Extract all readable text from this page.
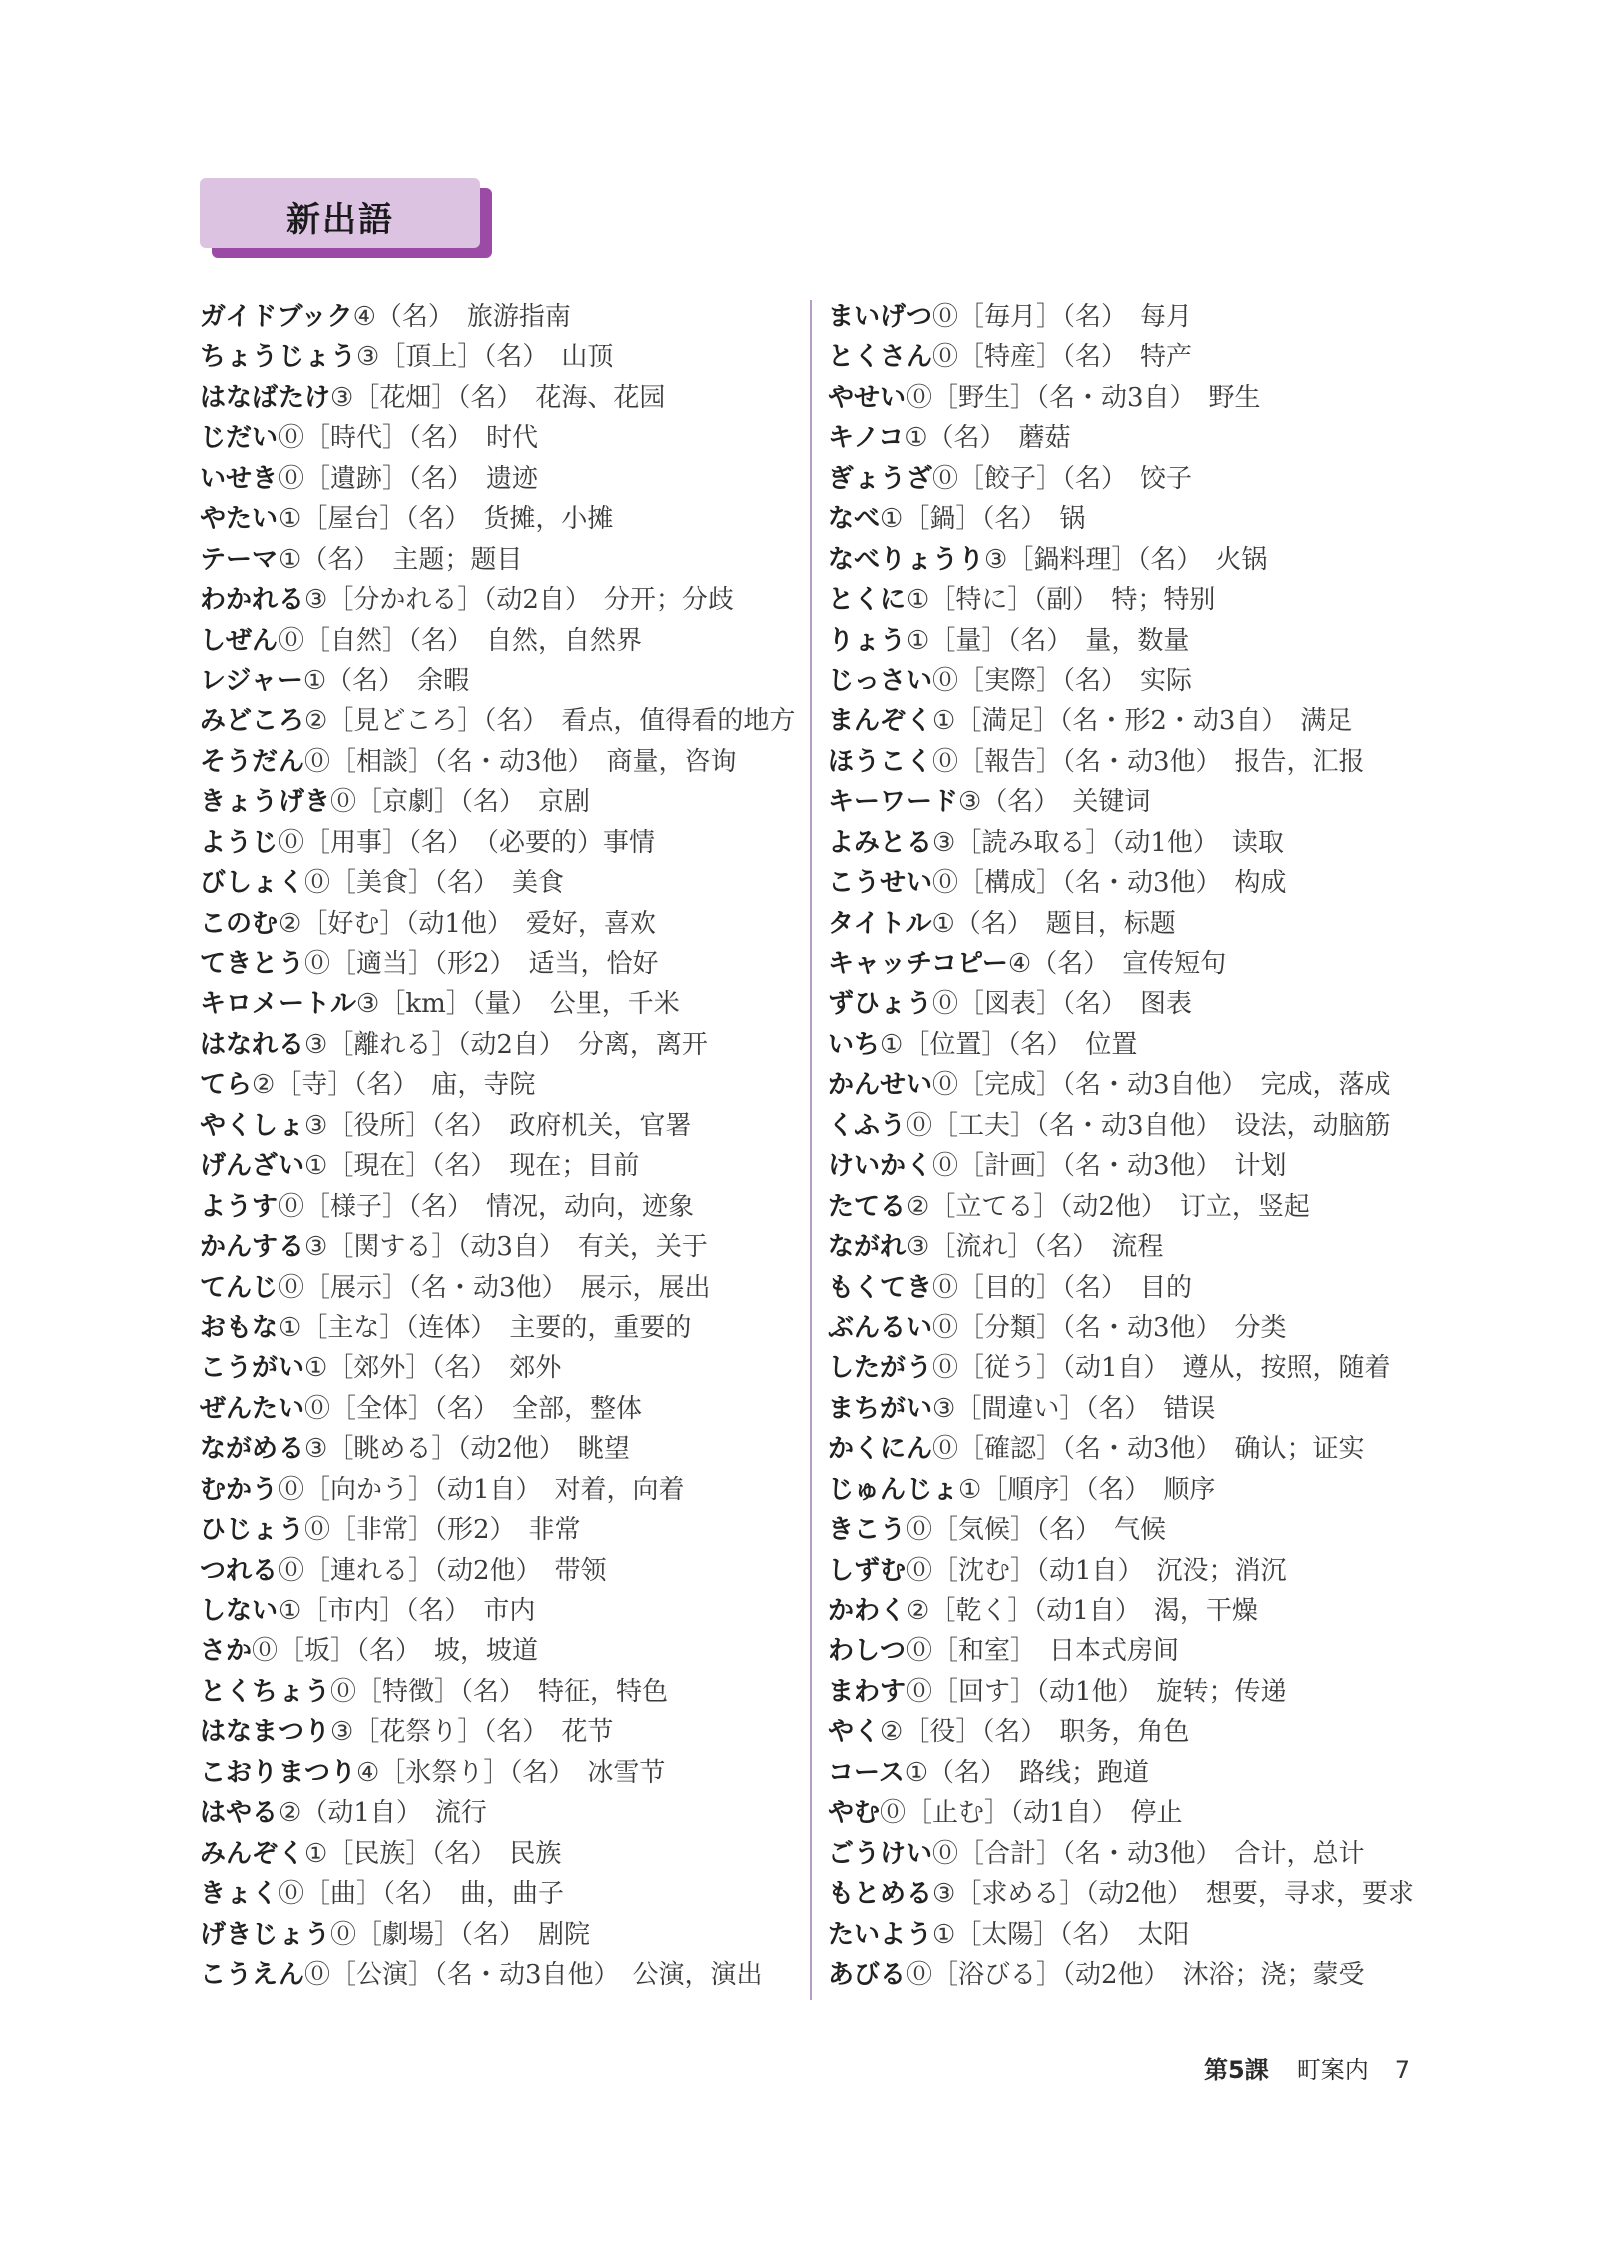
新出語
ガイドブック④（名）　旅游指南
ちょうじょう③［頂上］（名）　山顶
はなばたけ③［花畑］（名）　花海、花园
じだい⓪［時代］（名）　时代
いせき⓪［遺跡］（名）　遗迹
やたい①［屋台］（名）　货摊，小摊
テーマ①（名）　主题；题目
わかれる③［分かれる］（动2自）　分开；分歧
しぜん⓪［自然］（名）　自然，自然界
レジャー①（名）　余暇
みどころ②［見どころ］（名）　看点，值得看的地方
そうだん⓪［相談］（名・动3他）　商量，咨询
きょうげき⓪［京劇］（名）　京剧
ようじ⓪［用事］（名）　（必要的）事情
びしょく⓪［美食］（名）　美食
このむ②［好む］（动1他）　爱好，喜欢
てきとう⓪［適当］（形2）　适当，恰好
キロメートル③［km］（量）　公里，千米
はなれる③［離れる］（动2自）　分离，离开
てら②［寺］（名）　庙，寺院
やくしょ③［役所］（名）　政府机关，官署
げんざい①［現在］（名）　现在；目前
ようす⓪［様子］（名）　情况，动向，迹象
かんする③［関する］（动3自）　有关，关于
てんじ⓪［展示］（名・动3他）　展示，展出
おもな①［主な］（连体）　主要的，重要的
こうがい①［郊外］（名）　郊外
ぜんたい⓪［全体］（名）　全部，整体
ながめる③［眺める］（动2他）　眺望
むかう⓪［向かう］（动1自）　对着，向着
ひじょう⓪［非常］（形2）　非常
つれる⓪［連れる］（动2他）　带领
しない①［市内］（名）　市内
さか⓪［坂］（名）　坡，坡道
とくちょう⓪［特徴］（名）　特征，特色
はなまつり③［花祭り］（名）　花节
こおりまつり④［氷祭り］（名）　冰雪节
はやる②（动1自）　流行
みんぞく①［民族］（名）　民族
きょく⓪［曲］（名）　曲，曲子
げきじょう⓪［劇場］（名）　剧院
こうえん⓪［公演］（名・动3自他）　公演，演出
まいげつ⓪［毎月］（名）　每月
とくさん⓪［特産］（名）　特产
やせい⓪［野生］（名・动3自）　野生
キノコ①（名）　蘑菇
ぎょうざ⓪［餃子］（名）　饺子
なべ①［鍋］（名）　锅
なべりょうり③［鍋料理］（名）　火锅
とくに①［特に］（副）　特；特别
りょう①［量］（名）　量，数量
じっさい⓪［実際］（名）　实际
まんぞく①［満足］（名・形2・动3自）　满足
ほうこく⓪［報告］（名・动3他）　报告，汇报
キーワード③（名）　关键词
よみとる③［読み取る］（动1他）　读取
こうせい⓪［構成］（名・动3他）　构成
タイトル①（名）　题目，标题
キャッチコピー④（名）　宣传短句
ずひょう⓪［図表］（名）　图表
いち①［位置］（名）　位置
かんせい⓪［完成］（名・动3自他）　完成，落成
くふう⓪［工夫］（名・动3自他）　设法，动脑筋
けいかく⓪［計画］（名・动3他）　计划
たてる②［立てる］（动2他）　订立，竖起
ながれ③［流れ］（名）　流程
もくてき⓪［目的］（名）　目的
ぶんるい⓪［分類］（名・动3他）　分类
したがう⓪［従う］（动1自）　遵从，按照，随着
まちがい③［間違い］（名）　错误
かくにん⓪［確認］（名・动3他）　确认；证实
じゅんじょ①［順序］（名）　顺序
きこう⓪［気候］（名）　气候
しずむ⓪［沈む］（动1自）　沉没；消沉
かわく②［乾く］（动1自）　渴，干燥
わしつ⓪［和室］　日本式房间
まわす⓪［回す］（动1他）　旋转；传递
やく②［役］（名）　职务，角色
コース①（名）　路线；跑道
やむ⓪［止む］（动1自）　停止
ごうけい⓪［合計］（名・动3他）　合计，总计
もとめる③［求める］（动2他）　想要，寻求，要求
たいよう①［太陽］（名）　太阳
あびる⓪［浴びる］（动2他）　沐浴；浇；蒙受
第5課 町案内 7
